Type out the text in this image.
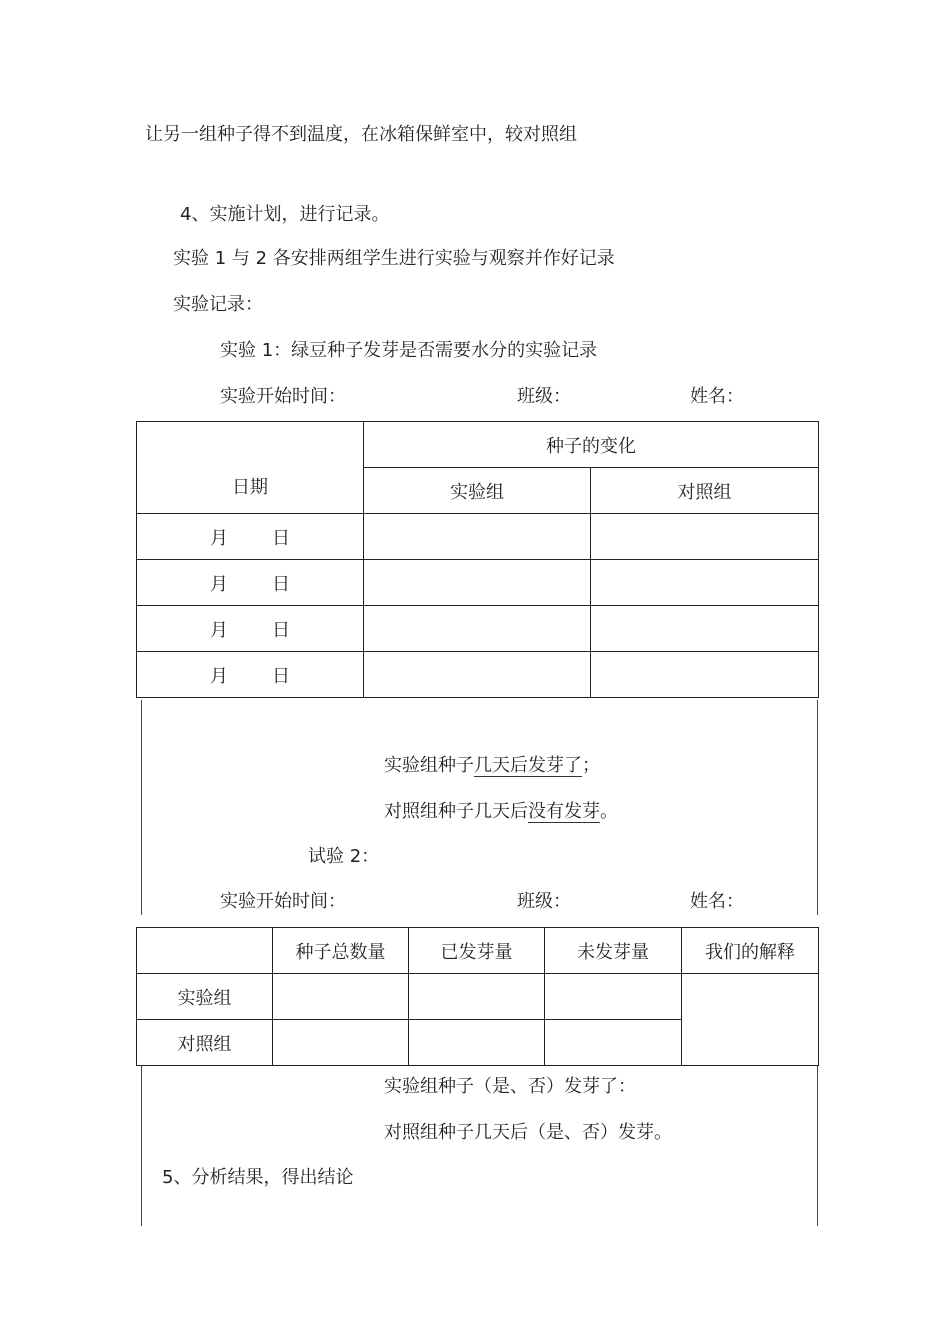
让另一组种子得不到温度，在冰箱保鲜室中，较对照组
4、实施计划，进行记录。
实验 1 与 2 各安排两组学生进行实验与观察并作好记录
实验记录：
实验 1：绿豆种子发芽是否需要水分的实验记录
实验开始时间：	班级：	姓名：
日期	种子的变化	
	实验组	对照组
月 日		
月 日		
月 日		
月 日		
实验组种子几天后发芽了；
对照组种子几天后没有发芽。
试验 2：
实验开始时间：	班级：	姓名：
	种子总数量	已发芽量	未发芽量	我们的解释
实验组				
对照组				
实验组种子（是、否）发芽了：
对照组种子几天后（是、否）发芽。
5、分析结果，得出结论
